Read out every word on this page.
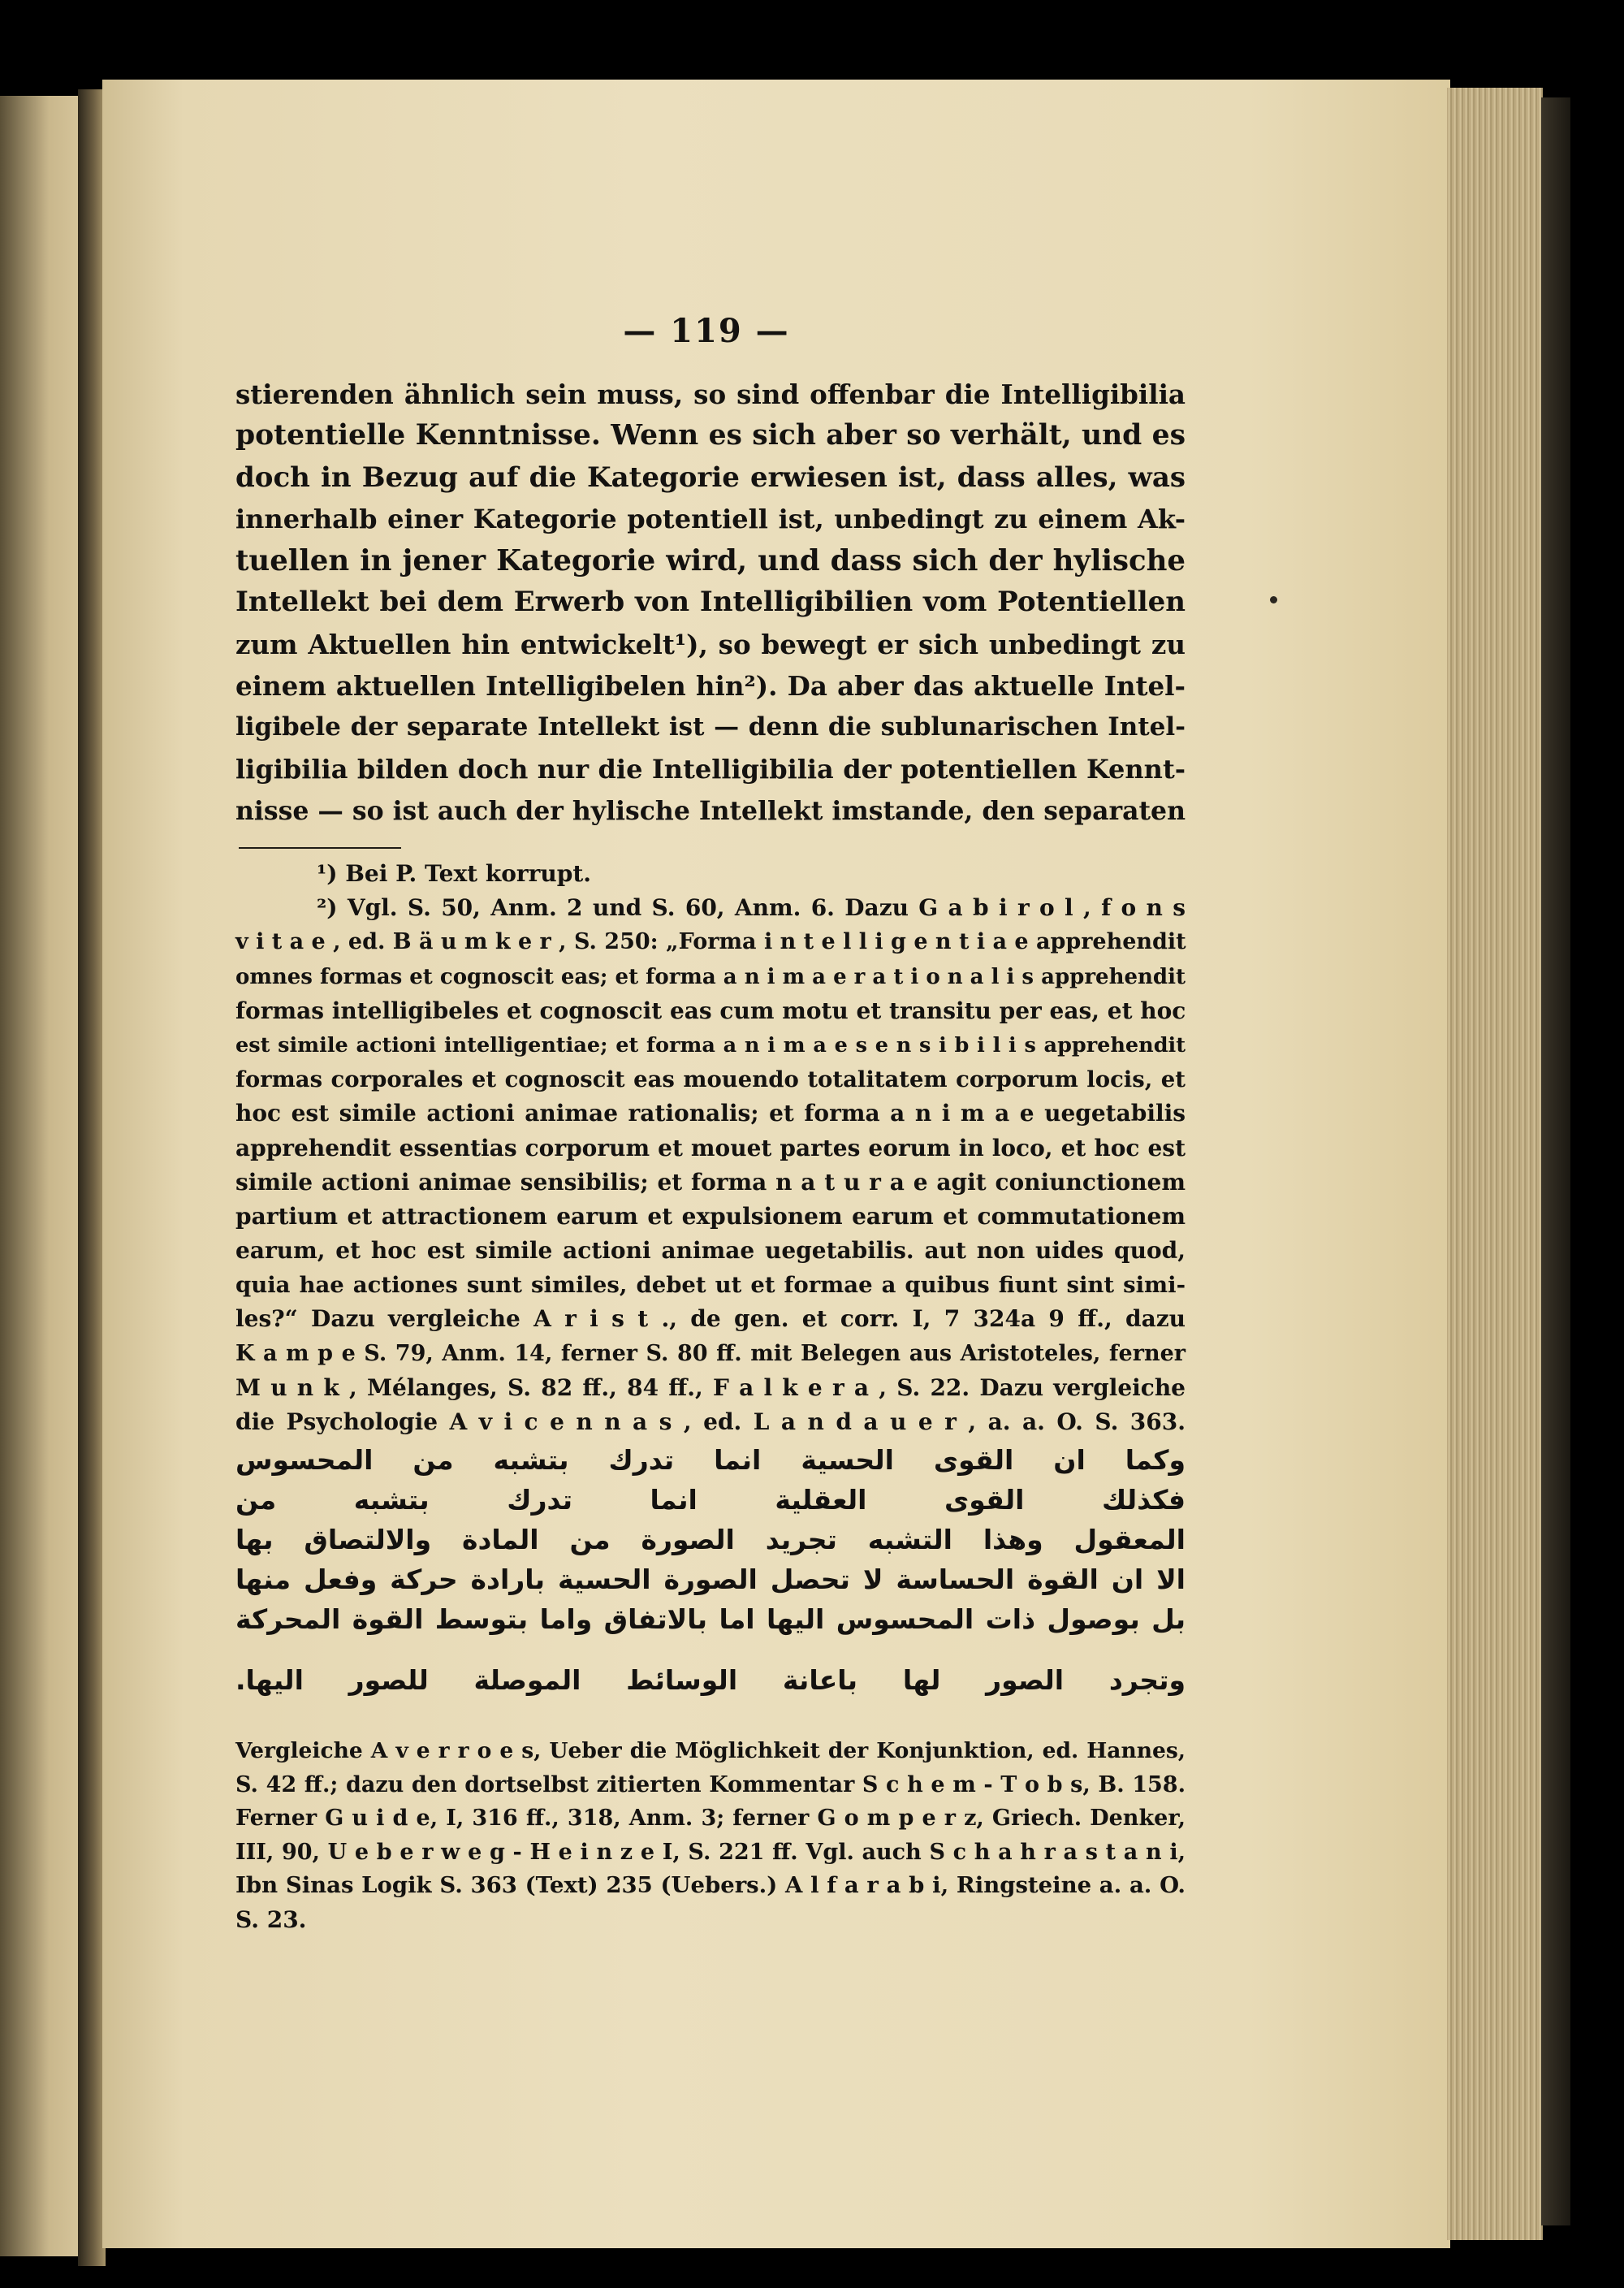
— 119 —
stierenden ähnlich sein muss, so sind offenbar die Intelligibilia
potentielle Kenntnisse. Wenn es sich aber so verhält, und es
doch in Bezug auf die Kategorie erwiesen ist, dass alles, was
innerhalb einer Kategorie potentiell ist, unbedingt zu einem Ak-
tuellen in jener Kategorie wird, und dass sich der hylische
Intellekt bei dem Erwerb von Intelligibilien vom Potentiellen
zum Aktuellen hin entwickelt¹), so bewegt er sich unbedingt zu
einem aktuellen Intelligibelen hin²). Da aber das aktuelle Intel-
ligibele der separate Intellekt ist — denn die sublunarischen Intel-
ligibilia bilden doch nur die Intelligibilia der potentiellen Kennt-
nisse — so ist auch der hylische Intellekt imstande, den separaten
¹) Bei P. Text korrupt.
²) Vgl. S. 50, Anm. 2 und S. 60, Anm. 6. Dazu G a b i r o l , f o n s
v i t a e , ed. B ä u m k e r , S. 250: „Forma i n t e l l i g e n t i a e apprehendit
omnes formas et cognoscit eas; et forma a n i m a e r a t i o n a l i s apprehendit
formas intelligibeles et cognoscit eas cum motu et transitu per eas, et hoc
est simile actioni intelligentiae; et forma a n i m a e s e n s i b i l i s apprehendit
formas corporales et cognoscit eas mouendo totalitatem corporum locis, et
hoc est simile actioni animae rationalis; et forma a n i m a e uegetabilis
apprehendit essentias corporum et mouet partes eorum in loco, et hoc est
simile actioni animae sensibilis; et forma n a t u r a e agit coniunctionem
partium et attractionem earum et expulsionem earum et commutationem
earum, et hoc est simile actioni animae uegetabilis. aut non uides quod,
quia hae actiones sunt similes, debet ut et formae a quibus fiunt sint simi-
les?“ Dazu vergleiche A r i s t ., de gen. et corr. I, 7 324a 9 ff., dazu
K a m p e S. 79, Anm. 14, ferner S. 80 ff. mit Belegen aus Aristoteles, ferner
M u n k , Mélanges, S. 82 ff., 84 ff., F a l k e r a , S. 22. Dazu vergleiche
die Psychologie A v i c e n n a s , ed. L a n d a u e r , a. a. O. S. 363.
وكما ان القوى الحسية انما تدرك بتشبه من المحسوس
فكذلك القوى العقلية انما تدرك بتشبه من
المعقول وهذا التشبه تجريد الصورة من المادة والالتصاق بها
الا ان القوة الحساسة لا تحصل الصورة الحسية بارادة حركة وفعل منها
بل بوصول ذات المحسوس اليها اما بالاتفاق واما بتوسط القوة المحركة
وتجرد الصور لها باعانة الوسائط الموصلة للصور اليها.
Vergleiche A v e r r o e s, Ueber die Möglichkeit der Konjunktion, ed. Hannes,
S. 42 ff.; dazu den dortselbst zitierten Kommentar S c h e m - T o b s, B. 158.
Ferner G u i d e, I, 316 ff., 318, Anm. 3; ferner G o m p e r z, Griech. Denker,
III, 90, U e b e r w e g - H e i n z e I, S. 221 ff. Vgl. auch S c h a h r a s t a n i,
Ibn Sinas Logik S. 363 (Text) 235 (Uebers.) A l f a r a b i, Ringsteine a. a. O.
S. 23.
